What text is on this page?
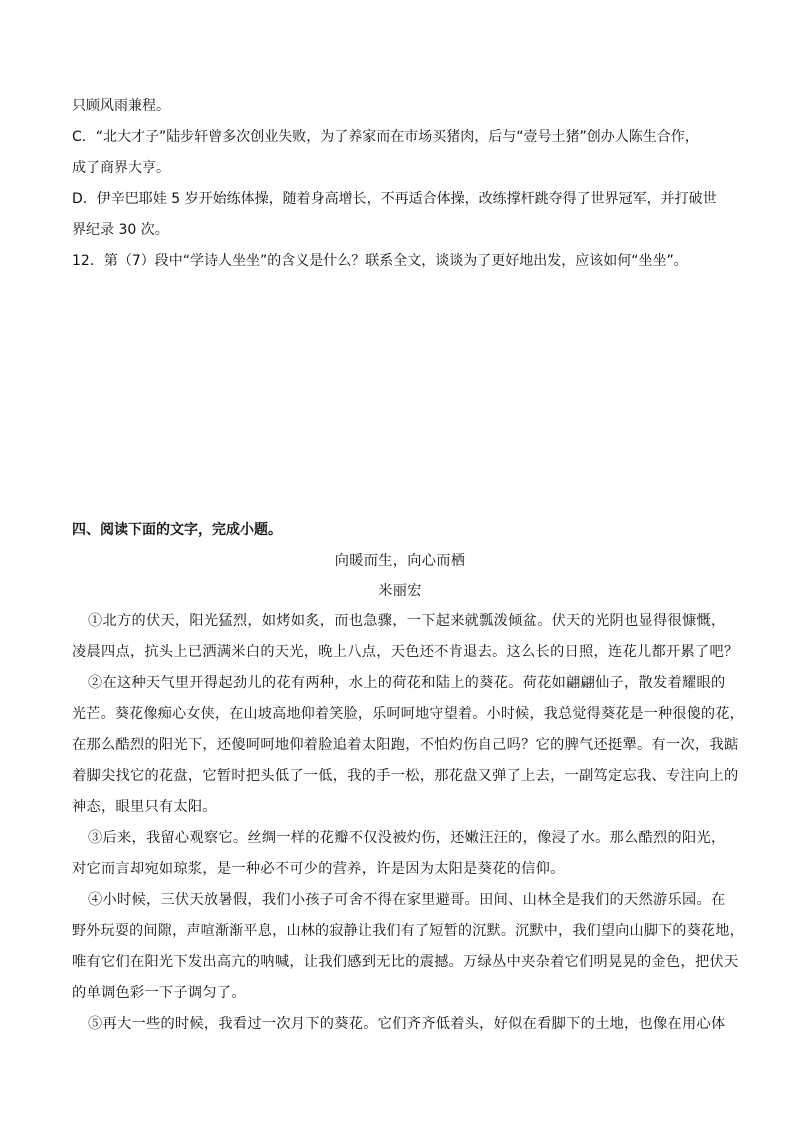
只顾风雨兼程。
C．“北大才子”陆步轩曾多次创业失败，为了养家而在市场买猪肉，后与“壹号土猪”创办人陈生合作，
成了商界大亨。
D．伊辛巴耶娃 5 岁开始练体操，随着身高增长，不再适合体操，改练撑杆跳夺得了世界冠军，并打破世
界纪录 30 次。
12．第（7）段中“学诗人坐坐”的含义是什么？联系全文，谈谈为了更好地出发，应该如何“坐坐”。
四、阅读下面的文字，完成小题。
向暖而生，向心而栖
米丽宏
①北方的伏天，阳光猛烈，如烤如炙，而也急骤，一下起来就瓢泼倾盆。伏天的光阴也显得很慷慨，
凌晨四点，抗头上已洒满米白的天光，晚上八点，天色还不肯退去。这么长的日照，连花儿都开累了吧？
②在这种天气里开得起劲儿的花有两种，水上的荷花和陆上的葵花。荷花如翩翩仙子，散发着耀眼的
光芒。葵花像痴心女侠，在山坡高地仰着笑脸，乐呵呵地守望着。小时候，我总觉得葵花是一种很傻的花，
在那么酷烈的阳光下，还傻呵呵地仰着脸追着太阳跑，不怕灼伤自己吗？它的脾气还挺犟。有一次，我踮
着脚尖找它的花盘，它暂时把头低了一低，我的手一松，那花盘又弹了上去，一副笃定忘我、专注向上的
神态，眼里只有太阳。
③后来，我留心观察它。丝绸一样的花瓣不仅没被灼伤，还嫩汪汪的，像浸了水。那么酷烈的阳光，
对它而言却宛如琼浆，是一种必不可少的营养，许是因为太阳是葵花的信仰。
④小时候，三伏天放暑假，我们小孩子可舍不得在家里避哥。田间、山林全是我们的天然游乐园。在
野外玩耍的间隙，声喧渐渐平息，山林的寂静让我们有了短暂的沉默。沉默中，我们望向山脚下的葵花地，
唯有它们在阳光下发出高亢的呐喊，让我们感到无比的震撼。万绿丛中夹杂着它们明晃晃的金色，把伏天
的单调色彩一下子调匀了。
⑤再大一些的时候，我看过一次月下的葵花。它们齐齐低着头，好似在看脚下的土地，也像在用心体
